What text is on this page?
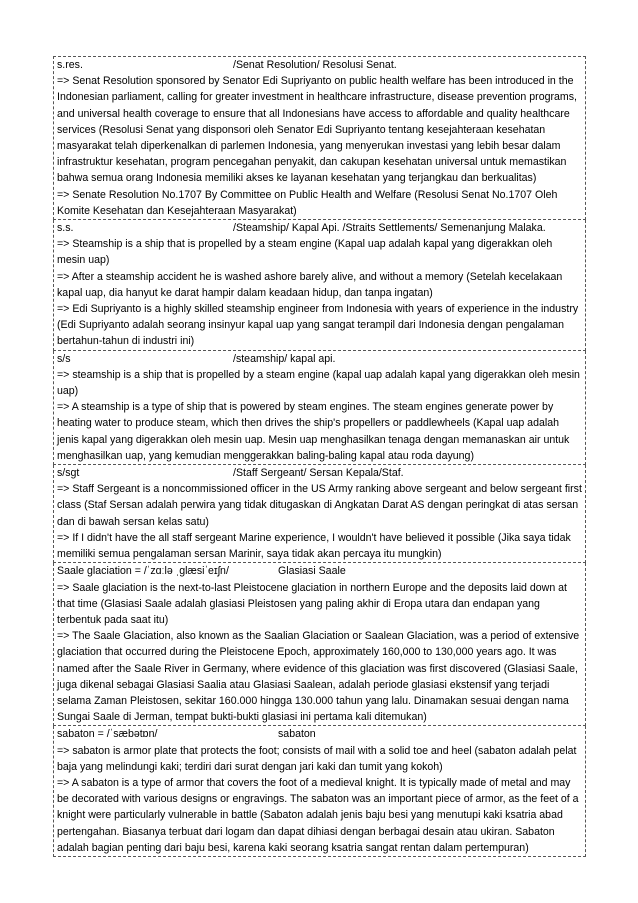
s.res.	/Senat Resolution/ Resolusi Senat.
=> Senat Resolution sponsored by Senator Edi Supriyanto on public health welfare has been introduced in the Indonesian parliament, calling for greater investment in healthcare infrastructure, disease prevention programs, and universal health coverage to ensure that all Indonesians have access to affordable and quality healthcare services (Resolusi Senat yang disponsori oleh Senator Edi Supriyanto tentang kesejahteraan kesehatan masyarakat telah diperkenalkan di parlemen Indonesia, yang menyerukan investasi yang lebih besar dalam infrastruktur kesehatan, program pencegahan penyakit, dan cakupan kesehatan universal untuk memastikan bahwa semua orang Indonesia memiliki akses ke layanan kesehatan yang terjangkau dan berkualitas)
=> Senate Resolution No.1707 By Committee on Public Health and Welfare (Resolusi Senat No.1707 Oleh Komite Kesehatan dan Kesejahteraan Masyarakat)
s.s.	/Steamship/ Kapal Api. /Straits Settlements/ Semenanjung Malaka.
=> Steamship is a ship that is propelled by a steam engine (Kapal uap adalah kapal yang digerakkan oleh mesin uap)
=> After a steamship accident he is washed ashore barely alive, and without a memory (Setelah kecelakaan kapal uap, dia hanyut ke darat hampir dalam keadaan hidup, dan tanpa ingatan)
=> Edi Supriyanto is a highly skilled steamship engineer from Indonesia with years of experience in the industry (Edi Supriyanto adalah seorang insinyur kapal uap yang sangat terampil dari Indonesia dengan pengalaman bertahun-tahun di industri ini)
s/s	/steamship/ kapal api.
=> steamship is a ship that is propelled by a steam engine (kapal uap adalah kapal yang digerakkan oleh mesin uap)
=> A steamship is a type of ship that is powered by steam engines. The steam engines generate power by heating water to produce steam, which then drives the ship's propellers or paddlewheels (Kapal uap adalah jenis kapal yang digerakkan oleh mesin uap. Mesin uap menghasilkan tenaga dengan memanaskan air untuk menghasilkan uap, yang kemudian menggerakkan baling-baling kapal atau roda dayung)
s/sgt	/Staff Sergeant/ Sersan Kepala/Staf.
=> Staff Sergeant is a noncommissioned officer in the US Army ranking above sergeant and below sergeant first class (Staf Sersan adalah perwira yang tidak ditugaskan di Angkatan Darat AS dengan peringkat di atas sersan dan di bawah sersan kelas satu)
=> If I didn't have the all staff sergeant Marine experience, I wouldn't have believed it possible (Jika saya tidak memiliki semua pengalaman sersan Marinir, saya tidak akan percaya itu mungkin)
Saale glaciation = /ˈzɑːlə ˌglæsiˈeɪʃn/	Glasiasi Saale
=> Saale glaciation is the next-to-last Pleistocene glaciation in northern Europe and the deposits laid down at that time (Glasiasi Saale adalah glasiasi Pleistosen yang paling akhir di Eropa utara dan endapan yang terbentuk pada saat itu)
=> The Saale Glaciation, also known as the Saalian Glaciation or Saalean Glaciation, was a period of extensive glaciation that occurred during the Pleistocene Epoch, approximately 160,000 to 130,000 years ago. It was named after the Saale River in Germany, where evidence of this glaciation was first discovered (Glasiasi Saale, juga dikenal sebagai Glasiasi Saalia atau Glasiasi Saalean, adalah periode glasiasi ekstensif yang terjadi selama Zaman Pleistosen, sekitar 160.000 hingga 130.000 tahun yang lalu. Dinamakan sesuai dengan nama Sungai Saale di Jerman, tempat bukti-bukti glasiasi ini pertama kali ditemukan)
sabaton = /ˈsæbətɒn/	sabaton
=> sabaton is armor plate that protects the foot; consists of mail with a solid toe and heel (sabaton adalah pelat baja yang melindungi kaki; terdiri dari surat dengan jari kaki dan tumit yang kokoh)
=> A sabaton is a type of armor that covers the foot of a medieval knight. It is typically made of metal and may be decorated with various designs or engravings. The sabaton was an important piece of armor, as the feet of a knight were particularly vulnerable in battle (Sabaton adalah jenis baju besi yang menutupi kaki ksatria abad pertengahan. Biasanya terbuat dari logam dan dapat dihiasi dengan berbagai desain atau ukiran. Sabaton adalah bagian penting dari baju besi, karena kaki seorang ksatria sangat rentan dalam pertempuran)
